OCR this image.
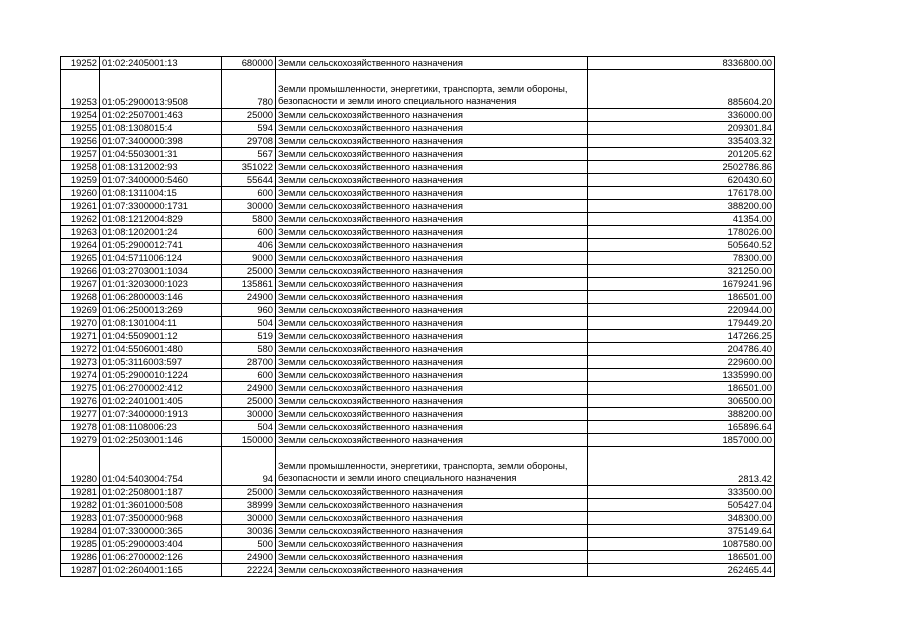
19252	01:02:2405001:13	680000	Земли сельскохозяйственного назначения	8336800.00
19253	01:05:2900013:9508	780	Земли промышленности, энергетики, транспорта, земли обороны, безопасности и земли иного специального назначения	885604.20
19254	01:02:2507001:463	25000	Земли сельскохозяйственного назначения	336000.00
19255	01:08:1308015:4	594	Земли сельскохозяйственного назначения	209301.84
19256	01:07:3400000:398	29708	Земли сельскохозяйственного назначения	335403.32
19257	01:04:5503001:31	567	Земли сельскохозяйственного назначения	201205.62
19258	01:08:1312002:93	351022	Земли сельскохозяйственного назначения	2502786.86
19259	01:07:3400000:5460	55644	Земли сельскохозяйственного назначения	620430.60
19260	01:08:1311004:15	600	Земли сельскохозяйственного назначения	176178.00
19261	01:07:3300000:1731	30000	Земли сельскохозяйственного назначения	388200.00
19262	01:08:1212004:829	5800	Земли сельскохозяйственного назначения	41354.00
19263	01:08:1202001:24	600	Земли сельскохозяйственного назначения	178026.00
19264	01:05:2900012:741	406	Земли сельскохозяйственного назначения	505640.52
19265	01:04:5711006:124	9000	Земли сельскохозяйственного назначения	78300.00
19266	01:03:2703001:1034	25000	Земли сельскохозяйственного назначения	321250.00
19267	01:01:3203000:1023	135861	Земли сельскохозяйственного назначения	1679241.96
19268	01:06:2800003:146	24900	Земли сельскохозяйственного назначения	186501.00
19269	01:06:2500013:269	960	Земли сельскохозяйственного назначения	220944.00
19270	01:08:1301004:11	504	Земли сельскохозяйственного назначения	179449.20
19271	01:04:5509001:12	519	Земли сельскохозяйственного назначения	147266.25
19272	01:04:5506001:480	580	Земли сельскохозяйственного назначения	204786.40
19273	01:05:3116003:597	28700	Земли сельскохозяйственного назначения	229600.00
19274	01:05:2900010:1224	600	Земли сельскохозяйственного назначения	1335990.00
19275	01:06:2700002:412	24900	Земли сельскохозяйственного назначения	186501.00
19276	01:02:2401001:405	25000	Земли сельскохозяйственного назначения	306500.00
19277	01:07:3400000:1913	30000	Земли сельскохозяйственного назначения	388200.00
19278	01:08:1108006:23	504	Земли сельскохозяйственного назначения	165896.64
19279	01:02:2503001:146	150000	Земли сельскохозяйственного назначения	1857000.00
19280	01:04:5403004:754	94	Земли промышленности, энергетики, транспорта, земли обороны, безопасности и земли иного специального назначения	2813.42
19281	01:02:2508001:187	25000	Земли сельскохозяйственного назначения	333500.00
19282	01:01:3601000:508	38999	Земли сельскохозяйственного назначения	505427.04
19283	01:07:3500000:968	30000	Земли сельскохозяйственного назначения	348300.00
19284	01:07:3300000:365	30036	Земли сельскохозяйственного назначения	375149.64
19285	01:05:2900003:404	500	Земли сельскохозяйственного назначения	1087580.00
19286	01:06:2700002:126	24900	Земли сельскохозяйственного назначения	186501.00
19287	01:02:2604001:165	22224	Земли сельскохозяйственного назначения	262465.44
